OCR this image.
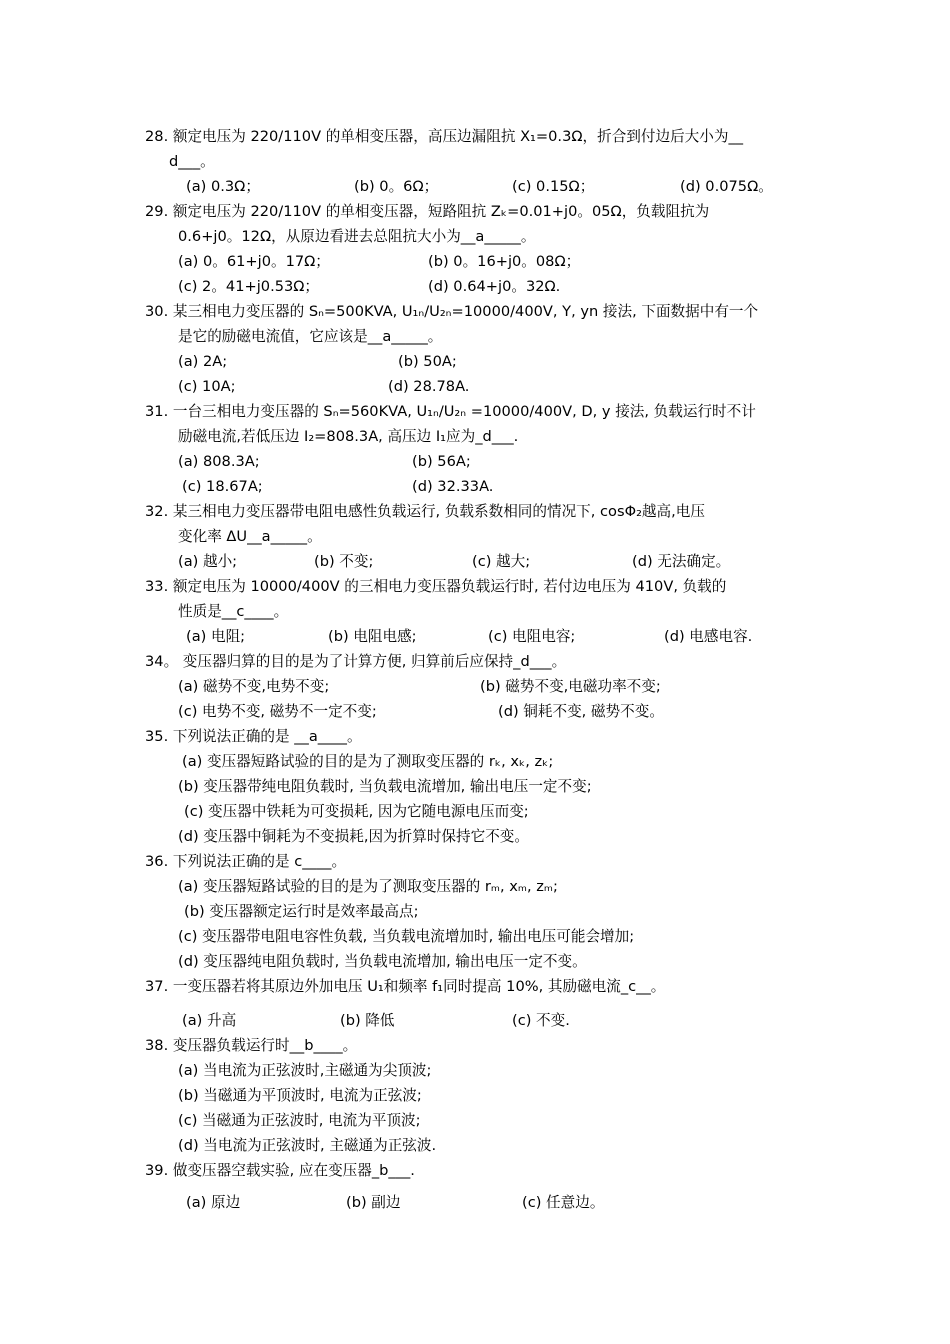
28. 额定电压为 220/110V 的单相变压器，高压边漏阻抗 X₁=0.3Ω，折合到付边后大小为__
d___。
(a) 0.3Ω；	(b) 0。6Ω；	(c) 0.15Ω；	(d) 0.075Ω。
29. 额定电压为 220/110V 的单相变压器，短路阻抗 Zₖ=0.01+j0。05Ω，负载阻抗为
0.6+j0。12Ω，从原边看进去总阻抗大小为__a_____。
(a) 0。61+j0。17Ω；	(b) 0。16+j0。08Ω；
(c) 2。41+j0.53Ω；	(d) 0.64+j0。32Ω.
30. 某三相电力变压器的 Sₙ=500KVA, U₁ₙ/U₂ₙ=10000/400V, Y, yn 接法, 下面数据中有一个
是它的励磁电流值，它应该是__a_____。
(a) 2A;	(b) 50A;
(c) 10A;	(d) 28.78A.
31. 一台三相电力变压器的 Sₙ=560KVA, U₁ₙ/U₂ₙ =10000/400V, D, y 接法, 负载运行时不计
励磁电流,若低压边 I₂=808.3A, 高压边 I₁应为_d___.
(a) 808.3A;	(b) 56A;
(c) 18.67A;	(d) 32.33A.
32. 某三相电力变压器带电阻电感性负载运行, 负载系数相同的情况下, cosΦ₂越高,电压
变化率 ΔU__a_____。
(a) 越小;	(b) 不变;	(c) 越大;	(d) 无法确定。
33. 额定电压为 10000/400V 的三相电力变压器负载运行时, 若付边电压为 410V, 负载的
性质是__c____。
(a) 电阻;	(b) 电阻电感;	(c) 电阻电容;	(d) 电感电容.
34。 变压器归算的目的是为了计算方便, 归算前后应保持_d___。
(a) 磁势不变,电势不变;	(b) 磁势不变,电磁功率不变;
(c) 电势不变, 磁势不一定不变;	(d) 铜耗不变, 磁势不变。
35. 下列说法正确的是 __a____。
(a) 变压器短路试验的目的是为了测取变压器的 rₖ, xₖ, zₖ;
(b) 变压器带纯电阻负载时, 当负载电流增加, 输出电压一定不变;
(c) 变压器中铁耗为可变损耗, 因为它随电源电压而变;
(d) 变压器中铜耗为不变损耗,因为折算时保持它不变。
36. 下列说法正确的是 c____。
(a) 变压器短路试验的目的是为了测取变压器的 rₘ, xₘ, zₘ;
(b) 变压器额定运行时是效率最高点;
(c) 变压器带电阻电容性负载, 当负载电流增加时, 输出电压可能会增加;
(d) 变压器纯电阻负载时, 当负载电流增加, 输出电压一定不变。
37. 一变压器若将其原边外加电压 U₁和频率 f₁同时提高 10%, 其励磁电流_c__。
(a) 升高	(b) 降低	(c) 不变.
38. 变压器负载运行时__b____。
(a) 当电流为正弦波时,主磁通为尖顶波;
(b) 当磁通为平顶波时, 电流为正弦波;
(c) 当磁通为正弦波时, 电流为平顶波;
(d) 当电流为正弦波时, 主磁通为正弦波.
39. 做变压器空载实验, 应在变压器_b___.
(a) 原边	(b) 副边	(c) 任意边。
